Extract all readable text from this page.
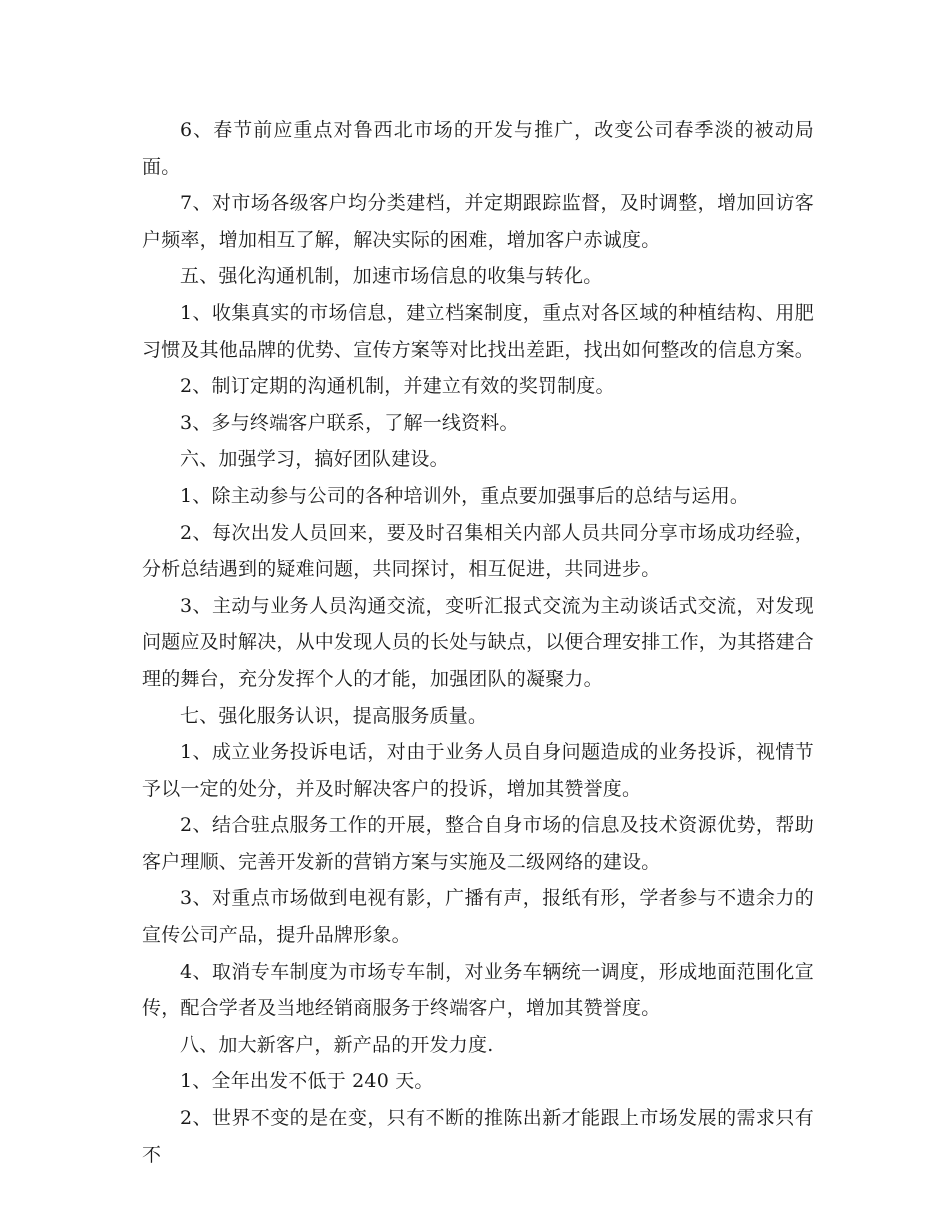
6、春节前应重点对鲁西北市场的开发与推广，改变公司春季淡的被动局面。

7、对市场各级客户均分类建档，并定期跟踪监督，及时调整，增加回访客户频率，增加相互了解，解决实际的困难，增加客户赤诚度。

五、强化沟通机制，加速市场信息的收集与转化。

1、收集真实的市场信息，建立档案制度，重点对各区域的种植结构、用肥习惯及其他品牌的优势、宣传方案等对比找出差距，找出如何整改的信息方案。

2、制订定期的沟通机制，并建立有效的奖罚制度。

3、多与终端客户联系，了解一线资料。

六、加强学习，搞好团队建设。

1、除主动参与公司的各种培训外，重点要加强事后的总结与运用。

2、每次出发人员回来，要及时召集相关内部人员共同分享市场成功经验，分析总结遇到的疑难问题，共同探讨，相互促进，共同进步。

3、主动与业务人员沟通交流，变听汇报式交流为主动谈话式交流，对发现问题应及时解决，从中发现人员的长处与缺点，以便合理安排工作，为其搭建合理的舞台，充分发挥个人的才能，加强团队的凝聚力。

七、强化服务认识，提高服务质量。

1、成立业务投诉电话，对由于业务人员自身问题造成的业务投诉，视情节予以一定的处分，并及时解决客户的投诉，增加其赞誉度。

2、结合驻点服务工作的开展，整合自身市场的信息及技术资源优势，帮助客户理顺、完善开发新的营销方案与实施及二级网络的建设。

3、对重点市场做到电视有影，广播有声，报纸有形，学者参与不遗余力的宣传公司产品，提升品牌形象。

4、取消专车制度为市场专车制，对业务车辆统一调度，形成地面范围化宣传，配合学者及当地经销商服务于终端客户，增加其赞誉度。

八、加大新客户，新产品的开发力度.

1、全年出发不低于 240 天。

2、世界不变的是在变，只有不断的推陈出新才能跟上市场发展的需求只有不
